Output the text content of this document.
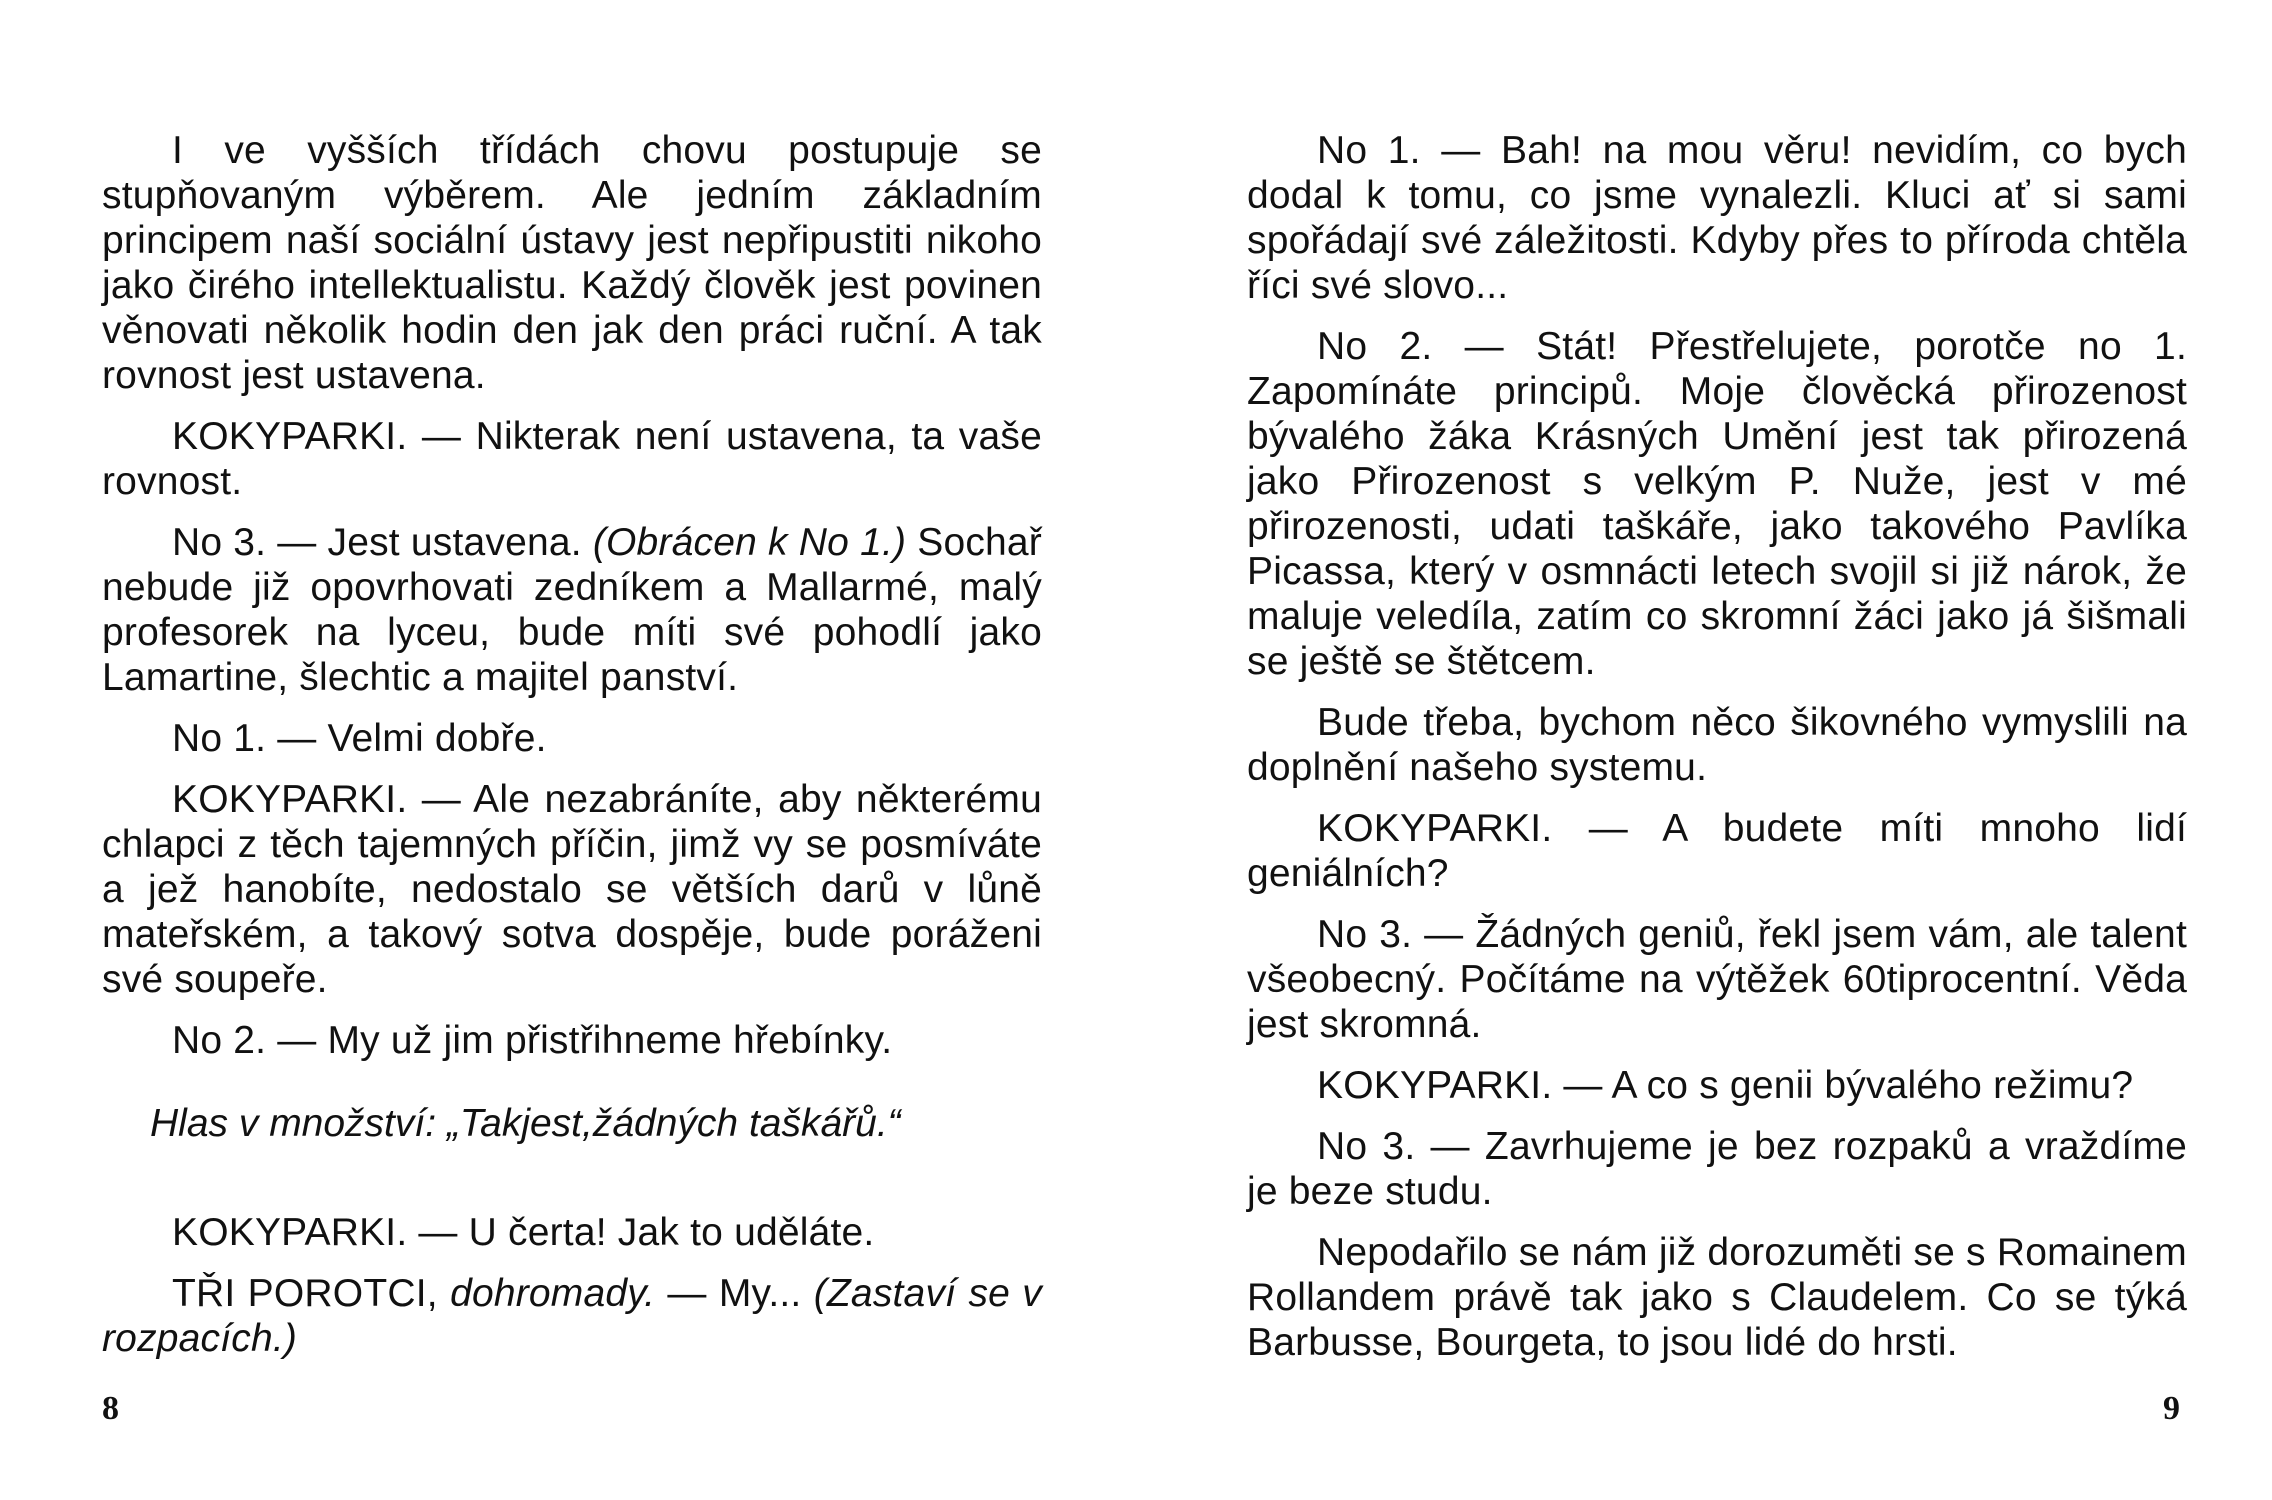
I ve vyšších třídách chovu postupuje se stupňovaným výběrem. Ale jedním základním principem naší sociální ústavy jest nepřipustiti nikoho jako čirého intellektualistu. Každý člověk jest povinen věnovati několik hodin den jak den práci ruční. A tak rovnost jest ustavena.

KOKYPARKI. — Nikterak není ustavena, ta vaše rovnost.

No 3. — Jest ustavena. (Obrácen k No 1.) Sochař nebude již opovrhovati zedníkem a Mallarmé, malý profesorek na lyceu, bude míti své pohodlí jako Lamartine, šlechtic a majitel panství.

No 1. — Velmi dobře.

KOKYPARKI. — Ale nezabráníte, aby některému chlapci z těch tajemných příčin, jimž vy se posmíváte a jež hanobíte, nedostalo se větších darů v lůně mateřském, a takový sotva dospěje, bude poráženi své soupeře.

No 2. — My už jim přistřihneme hřebínky.

Hlas v množství: „Takjest,žádných taškářů.“

KOKYPARKI. — U čerta! Jak to uděláte.

TŘI POROTCI, dohromady. — My... (Zastaví se v rozpacích.)

No 1. — Bah! na mou věru! nevidím, co bych dodal k tomu, co jsme vynalezli. Kluci ať si sami spořádají své záležitosti. Kdyby přes to příroda chtěla říci své slovo...

No 2. — Stát! Přestřelujete, porotče no 1. Zapomínáte principů. Moje člověcká přirozenost bývalého žáka Krásných Umění jest tak přirozená jako Přirozenost s velkým P. Nuže, jest v mé přirozenosti, udati taškáře, jako takového Pavlíka Picassa, který v osmnácti letech svojil si již nárok, že maluje veledíla, zatím co skromní žáci jako já šišmali se ještě se štětcem.

Bude třeba, bychom něco šikovného vymyslili na doplnění našeho systemu.

KOKYPARKI. — A budete míti mnoho lidí geniálních?

No 3. — Žádných geniů, řekl jsem vám, ale talent všeobecný. Počítáme na výtěžek 60tiprocentní. Věda jest skromná.

KOKYPARKI. — A co s genii bývalého režimu?

No 3. — Zavrhujeme je bez rozpaků a vraždíme je beze studu.

Nepodařilo se nám již dorozuměti se s Romainem Rollandem právě tak jako s Claudelem. Co se týká Barbusse, Bourgeta, to jsou lidé do hrsti.

8	9
